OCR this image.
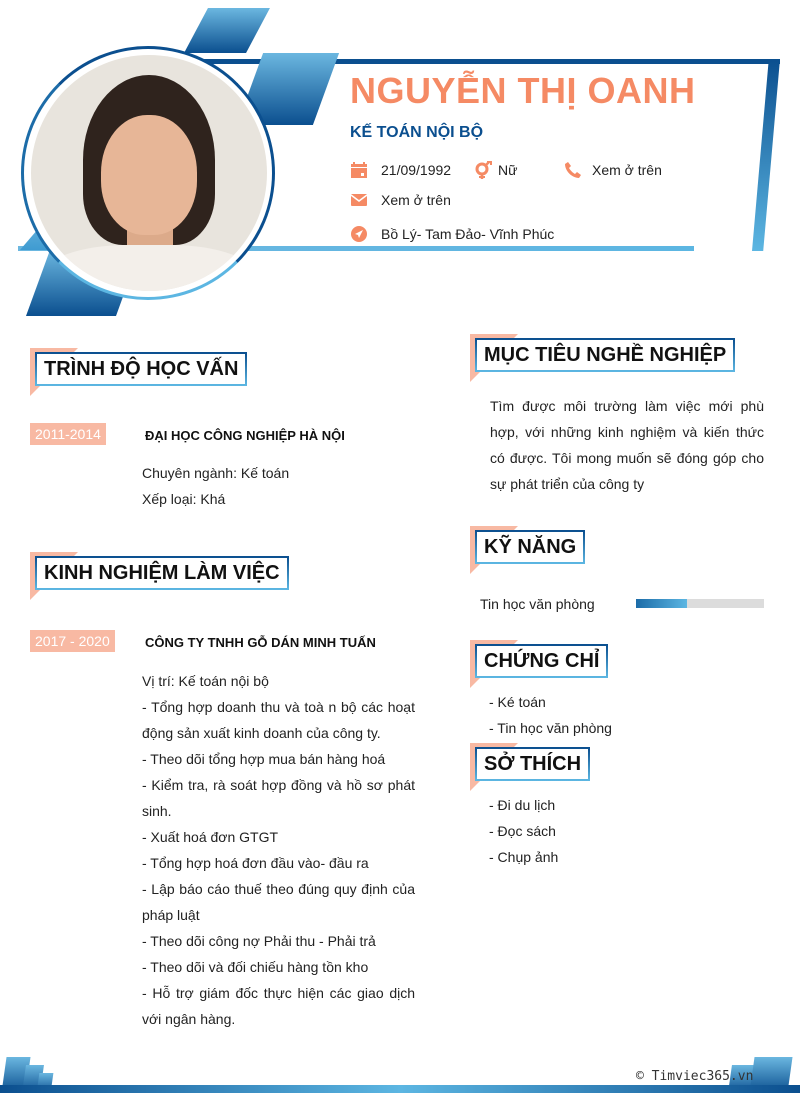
NGUYỄN THỊ OANH
KẾ TOÁN NỘI BỘ
21/09/1992	Nữ	Xem ở trên
Xem ở trên
Bồ Lý- Tam Đảo- Vĩnh Phúc
TRÌNH ĐỘ HỌC VẤN
2011-2014	ĐẠI HỌC CÔNG NGHIỆP HÀ NỘI
Chuyên ngành: Kế toán
Xếp loại: Khá
KINH NGHIỆM LÀM VIỆC
2017 - 2020	CÔNG TY TNHH GỖ DÁN MINH TUẤN
Vị trí: Kế toán nội bộ
- Tổng hợp doanh thu và toà n bộ các hoạt động sản xuất kinh doanh của công ty.
- Theo dõi tổng hợp mua bán hàng hoá
- Kiểm tra, rà soát hợp đồng và hồ sơ phát sinh.
- Xuất hoá đơn GTGT
- Tổng hợp hoá đơn đầu vào- đầu ra
- Lập báo cáo thuế theo đúng quy định của pháp luật
- Theo dõi công nợ Phải thu - Phải trả
- Theo dõi và đối chiếu hàng tồn kho
- Hỗ trợ giám đốc thực hiện các giao dịch với ngân hàng.
MỤC TIÊU NGHỀ NGHIỆP
Tìm được môi trường làm việc mới phù hợp, với những kinh nghiệm và kiến thức có được. Tôi mong muốn sẽ đóng góp cho sự phát triển của công ty
KỸ NĂNG
Tin học văn phòng
CHỨNG CHỈ
- Ké toán
- Tin học văn phòng
SỞ THÍCH
- Đi du lịch
- Đọc sách
- Chụp ảnh
© Timviec365.vn
